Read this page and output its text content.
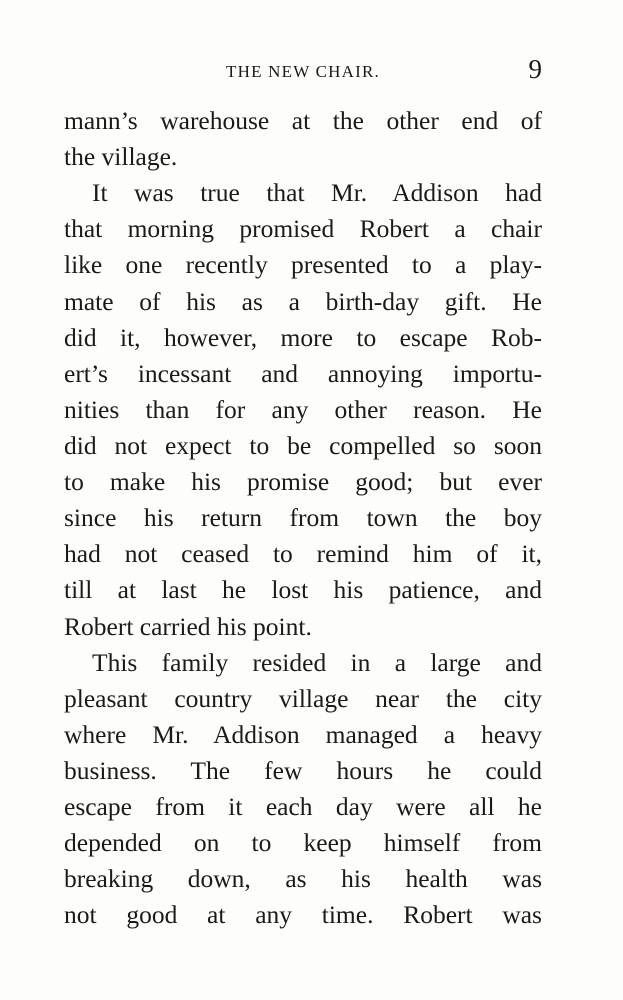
THE NEW CHAIR.	9
mann’s warehouse at the other end of
the village.
It was true that Mr. Addison had
that morning promised Robert a chair
like one recently presented to a play-
mate of his as a birth-day gift. He
did it, however, more to escape Rob-
ert’s incessant and annoying importu-
nities than for any other reason. He
did not expect to be compelled so soon
to make his promise good; but ever
since his return from town the boy
had not ceased to remind him of it,
till at last he lost his patience, and
Robert carried his point.
This family resided in a large and
pleasant country village near the city
where Mr. Addison managed a heavy
business. The few hours he could
escape from it each day were all he
depended on to keep himself from
breaking down, as his health was
not good at any time. Robert was
